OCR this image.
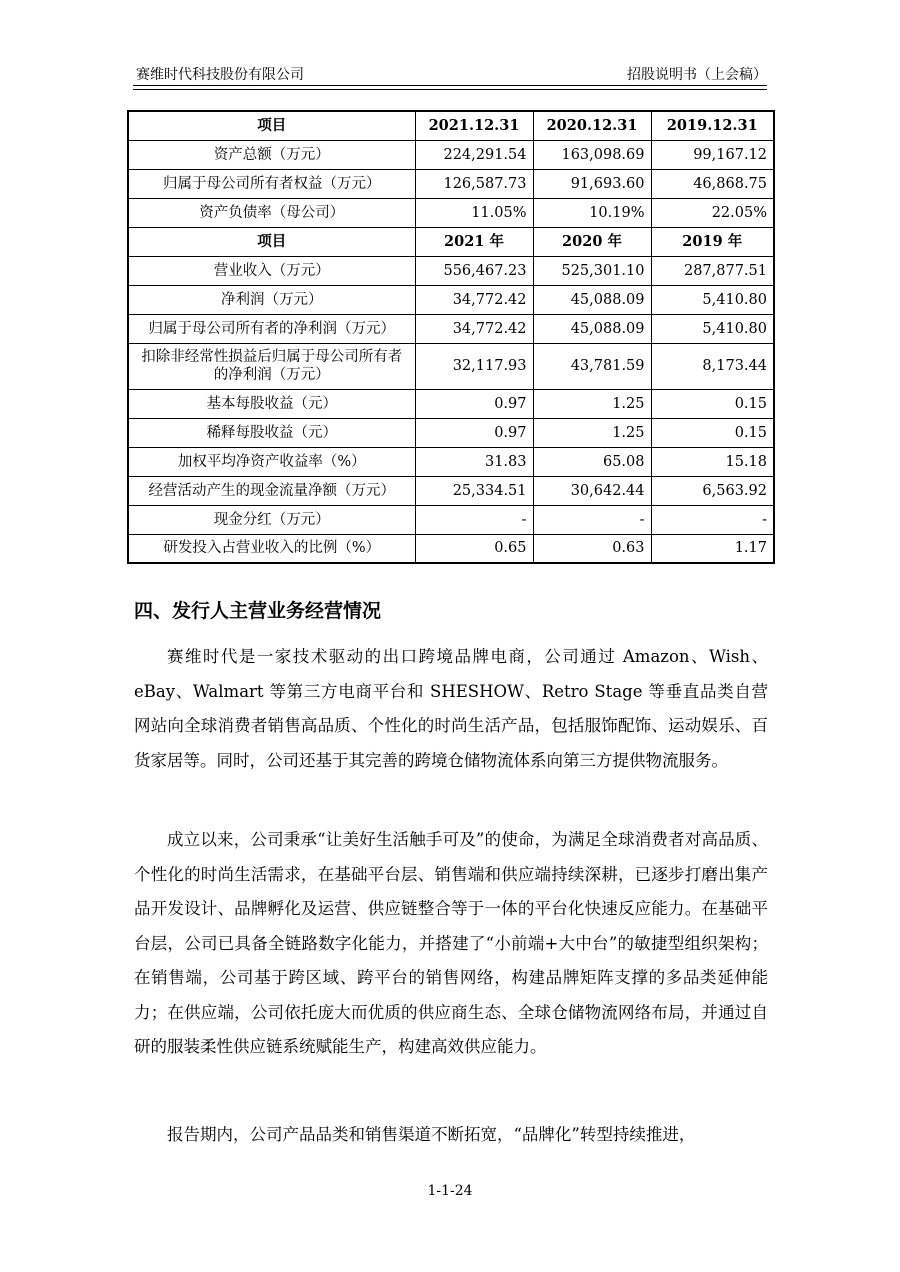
赛维时代科技股份有限公司	招股说明书（上会稿）
项目	2021.12.31	2020.12.31	2019.12.31
资产总额（万元）	224,291.54	163,098.69	99,167.12
归属于母公司所有者权益（万元）	126,587.73	91,693.60	46,868.75
资产负债率（母公司）	11.05%	10.19%	22.05%
项目	2021 年	2020 年	2019 年
营业收入（万元）	556,467.23	525,301.10	287,877.51
净利润（万元）	34,772.42	45,088.09	5,410.80
归属于母公司所有者的净利润（万元）	34,772.42	45,088.09	5,410.80
扣除非经常性损益后归属于母公司所有者的净利润（万元）	32,117.93	43,781.59	8,173.44
基本每股收益（元）	0.97	1.25	0.15
稀释每股收益（元）	0.97	1.25	0.15
加权平均净资产收益率（%）	31.83	65.08	15.18
经营活动产生的现金流量净额（万元）	25,334.51	30,642.44	6,563.92
现金分红（万元）	-	-	-
研发投入占营业收入的比例（%）	0.65	0.63	1.17
四、发行人主营业务经营情况

赛维时代是一家技术驱动的出口跨境品牌电商，公司通过 Amazon、Wish、eBay、Walmart 等第三方电商平台和 SHESHOW、Retro Stage 等垂直品类自营网站向全球消费者销售高品质、个性化的时尚生活产品，包括服饰配饰、运动娱乐、百货家居等。同时，公司还基于其完善的跨境仓储物流体系向第三方提供物流服务。

成立以来，公司秉承“让美好生活触手可及”的使命，为满足全球消费者对高品质、个性化的时尚生活需求，在基础平台层、销售端和供应端持续深耕，已逐步打磨出集产品开发设计、品牌孵化及运营、供应链整合等于一体的平台化快速反应能力。在基础平台层，公司已具备全链路数字化能力，并搭建了“小前端+大中台”的敏捷型组织架构；在销售端，公司基于跨区域、跨平台的销售网络，构建品牌矩阵支撑的多品类延伸能力；在供应端，公司依托庞大而优质的供应商生态、全球仓储物流网络布局，并通过自研的服装柔性供应链系统赋能生产，构建高效供应能力。

报告期内，公司产品品类和销售渠道不断拓宽，“品牌化”转型持续推进，

1-1-24
